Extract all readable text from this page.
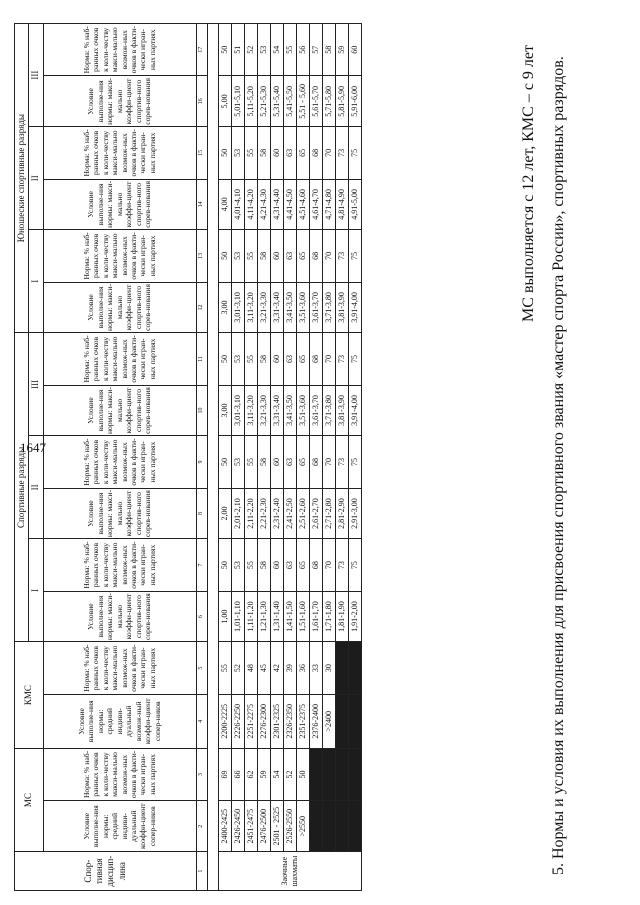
1647	5. Нормы и условия их выполнения для присвоения спортивного звания «мастер спорта России», спортивных разрядов.
МС выполняется с 12 лет, КМС – с 9 лет
Спор-тивная дисцип-лина	МС		КМС		Спортивные разряды						Юношеские спортивные разряды					
					I		II		III		I		II		III	
	Условие выполне-ния нормы: средний индиви-дуальный коэффи-циент сопер-ников	Норма: % наб-ранных очков к коли-честву макси-мально возмож-ных очков в факти-чески игран-ных партиях	Условие выполне-ния нормы: средний индиви-дуальный возмож-ный коэффи-циент сопер-ников	Норма: % наб-ранных очков к коли-честву макси-мально возмож-ных очков в факти-чески игран-ных партиях	Условие выполне-ния нормы: макси-мально коэффи-циент спортив-ного сорев-нования	Норма: % наб-ранных очков к коли-честву макси-мально возмож-ных очков в факти-чески игран-ных партиях	Условие выполне-ния нормы: макси-мально коэффи-циент спортив-ного сорев-нования	Норма: % наб-ранных очков к коли-честву макси-мально возмож-ных очков в факти-чески игран-ных партиях	Условие выполне-ния нормы: макси-мально коэффи-циент спортив-ного сорев-нования	Норма: % наб-ранных очков к коли-честву макси-мально возмож-ных очков в факти-чески игран-ных партиях	Условие выполне-ния нормы: макси-мально коэффи-циент спортив-ного сорев-нования	Норма: % наб-ранных очков к коли-честву макси-мально возмож-ных очков в факти-чески игран-ных партиях	Условие выполне-ния нормы: макси-мально коэффи-циент спортив-ного сорев-нования	Норма: % наб-ранных очков к коли-честву макси-мально возмож-ных очков в факти-чески игран-ных партиях	Условие выполне-ния нормы: макси-мально коэффи-циент спортив-ного сорев-нования	Норма: % наб-ранных очков к коли-честву макси-мально возмож-ных очков в факти-чески игран-ных партиях
1	2	3	4	5	6	7	8	9	10	11	12	13	14	15	16	17

Заочные шахматы	2400-2425	69	2200-2225	55	1,00	50	2,00	50	3,00	50	3,00	50	4,00	50	5,00	50
	2426-2450	66	2226-2250	52	1,01-1,10	53	2,01-2,10	53	3,01-3,10	53	3,01-3,10	53	4,01-4,10	53	5,01-5,10	51
	2451-2475	62	2251-2275	48	1,11-1,20	55	2,11-2,20	55	3,11-3,20	55	3,11-3,20	55	4,11-4,20	55	5,11-5,20	52
	2476-2500	59	2276-2300	45	1,21-1,30	58	2,21-2,30	58	3,21-3,30	58	3,21-3,30	58	4,21-4,30	58	5,21-5,30	53
	2501 - 2525	54	2301-2325	42	1,31-1,40	60	2,31-2,40	60	3,31-3,40	60	3,31-3,40	60	4,31-4,40	60	5,31-5,40	54
	2526-2550	52	2326-2350	39	1,41-1,50	63	2,41-2,50	63	3,41-3,50	63	3,41-3,50	63	4,41-4,50	63	5,41-5,50	55
	>2550	50	2351-2375	36	1,51-1,60	65	2,51-2,60	65	3,51-3,60	65	3,51-3,60	65	4,51-4,60	65	5,51 - 5,60	56
			2376-2400	33	1,61-1,70	68	2,61-2,70	68	3,61-3,70	68	3,61-3,70	68	4,61-4,70	68	5,61-5,70	57
			>2400	30	1,71-1,80	70	2,71-2,80	70	3,71-3,80	70	3,71-3,80	70	4,71-4,80	70	5,71-5,80	58
					1,81-1,90	73	2,81-2,90	73	3,81-3,90	73	3,81-3,90	73	4,81-4,90	73	5,81-5,90	59
					1,91-2,00	75	2,91-3,00	75	3,91-4,00	75	3,91-4,00	75	4,91-5,00	75	5,91-6,00	60
